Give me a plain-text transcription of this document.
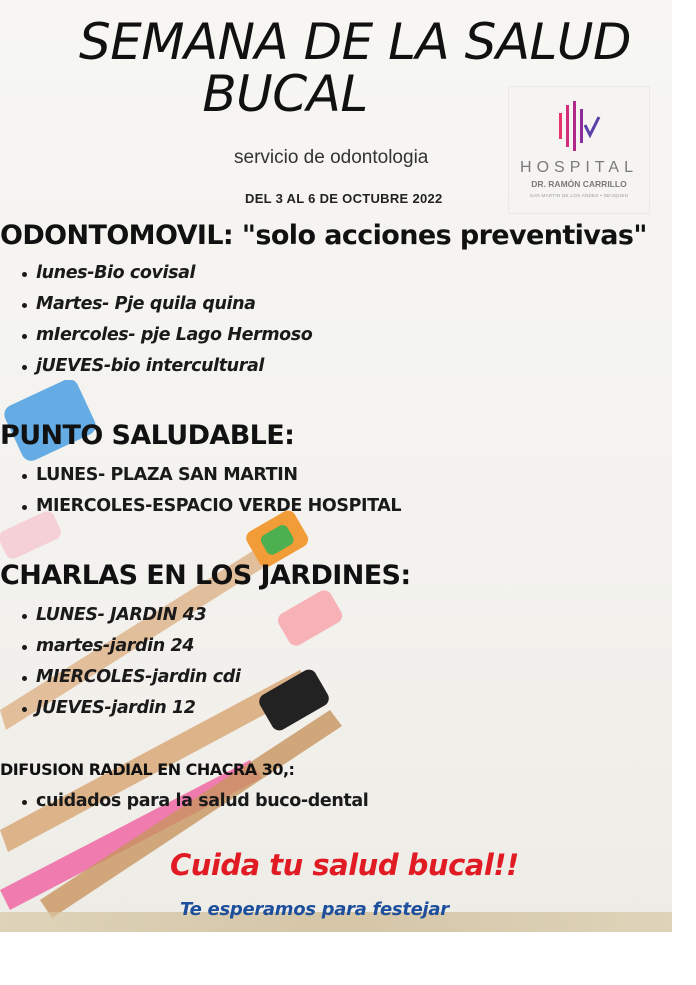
SEMANA DE LA SALUD
BUCAL
servicio de odontologia
DEL 3 AL 6 DE OCTUBRE 2022
HOSPITAL
DR. RAMÓN CARRILLO
SAN MARTIN DE LOS ANDES • NEUQUEN
ODONTOMOVIL: "solo acciones preventivas"
lunes-Bio covisal
Martes- Pje quila quina
mIercoles- pje Lago Hermoso
jUEVES-bio intercultural
PUNTO SALUDABLE:
LUNES- PLAZA SAN MARTIN
MIERCOLES-ESPACIO VERDE HOSPITAL
CHARLAS EN LOS JARDINES:
LUNES- JARDIN 43
martes-jardin 24
MIERCOLES-jardin cdi
JUEVES-jardin 12
DIFUSION RADIAL EN CHACRA 30,:
cuidados para la salud buco-dental
Cuida tu salud bucal!!
Te esperamos para festejar
